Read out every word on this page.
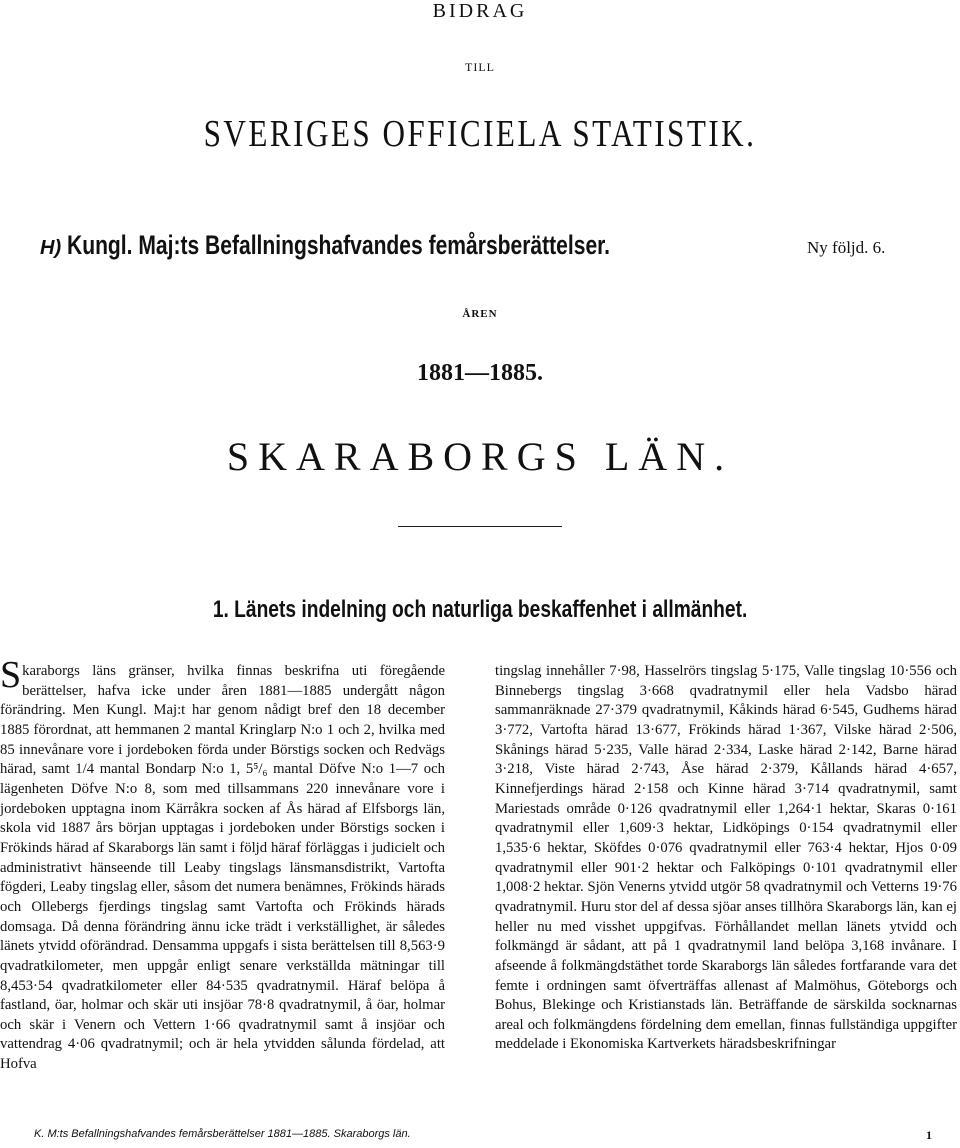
BIDRAG
TILL
SVERIGES OFFICIELA STATISTIK.
H) Kungl. Maj:ts Befallningshafvandes femårsberättelser.	Ny följd. 6.
ÅREN
1881—1885.
SKARABORGS LÄN.
1. Länets indelning och naturliga beskaffenhet i allmänhet.

Skaraborgs läns gränser, hvilka finnas beskrifna uti föregående berättelser, hafva icke under åren 1881—1885 undergått någon förändring. Men Kungl. Maj:t har genom nådigt bref den 18 december 1885 förordnat, att hemmanen 2 mantal Kringlarp N:o 1 och 2, hvilka med 85 innevånare vore i jordeboken förda under Börstigs socken och Redvägs härad, samt 1/4 mantal Bondarp N:o 1, 5⁵/₆ mantal Döfve N:o 1—7 och lägenheten Döfve N:o 8, som med tillsammans 220 innevånare vore i jordeboken upptagna inom Kärråkra socken af Ås härad af Elfsborgs län, skola vid 1887 års början upptagas i jordeboken under Börstigs socken i Frökinds härad af Skaraborgs län samt i följd häraf förläggas i judicielt och administrativt hänseende till Leaby tingslags länsmansdistrikt, Vartofta fögderi, Leaby tingslag eller, såsom det numera benämnes, Frökinds härads och Ollebergs fjerdings tingslag samt Vartofta och Frökinds härads domsaga. Då denna förändring ännu icke trädt i verkställighet, är således länets ytvidd oförändrad. Densamma uppgafs i sista berättelsen till 8,563·9 qvadratkilometer, men uppgår enligt senare verkställda mätningar till 8,453·54 qvadratkilometer eller 84·535 qvadratnymil. Häraf belöpa å fastland, öar, holmar och skär uti insjöar 78·8 qvadratnymil, å öar, holmar och skär i Venern och Vettern 1·66 qvadratnymil samt å insjöar och vattendrag 4·06 qvadratnymil; och är hela ytvidden sålunda fördelad, att Hofva

tingslag innehåller 7·98, Hasselrörs tingslag 5·175, Valle tingslag 10·556 och Binnebergs tingslag 3·668 qvadratnymil eller hela Vadsbo härad sammanräknade 27·379 qvadratnymil, Kåkinds härad 6·545, Gudhems härad 3·772, Vartofta härad 13·677, Frökinds härad 1·367, Vilske härad 2·506, Skånings härad 5·235, Valle härad 2·334, Laske härad 2·142, Barne härad 3·218, Viste härad 2·743, Åse härad 2·379, Kållands härad 4·657, Kinnefjerdings härad 2·158 och Kinne härad 3·714 qvadratnymil, samt Mariestads område 0·126 qvadratnymil eller 1,264·1 hektar, Skaras 0·161 qvadratnymil eller 1,609·3 hektar, Lidköpings 0·154 qvadratnymil eller 1,535·6 hektar, Sköfdes 0·076 qvadratnymil eller 763·4 hektar, Hjos 0·09 qvadratnymil eller 901·2 hektar och Falköpings 0·101 qvadratnymil eller 1,008·2 hektar. Sjön Venerns ytvidd utgör 58 qvadratnymil och Vetterns 19·76 qvadratnymil. Huru stor del af dessa sjöar anses tillhöra Skaraborgs län, kan ej heller nu med visshet uppgifvas. Förhållandet mellan länets ytvidd och folkmängd är sådant, att på 1 qvadratnymil land belöpa 3,168 invånare. I afseende å folkmängdstäthet torde Skaraborgs län således fortfarande vara det femte i ordningen samt öfverträffas allenast af Malmöhus, Göteborgs och Bohus, Blekinge och Kristianstads län. Beträffande de särskilda socknarnas areal och folkmängdens fördelning dem emellan, finnas fullständiga uppgifter meddelade i Ekonomiska Kartverkets häradsbeskrifningar

K. M:ts Befallningshafvandes femårsberättelser 1881—1885. Skaraborgs län.	1
